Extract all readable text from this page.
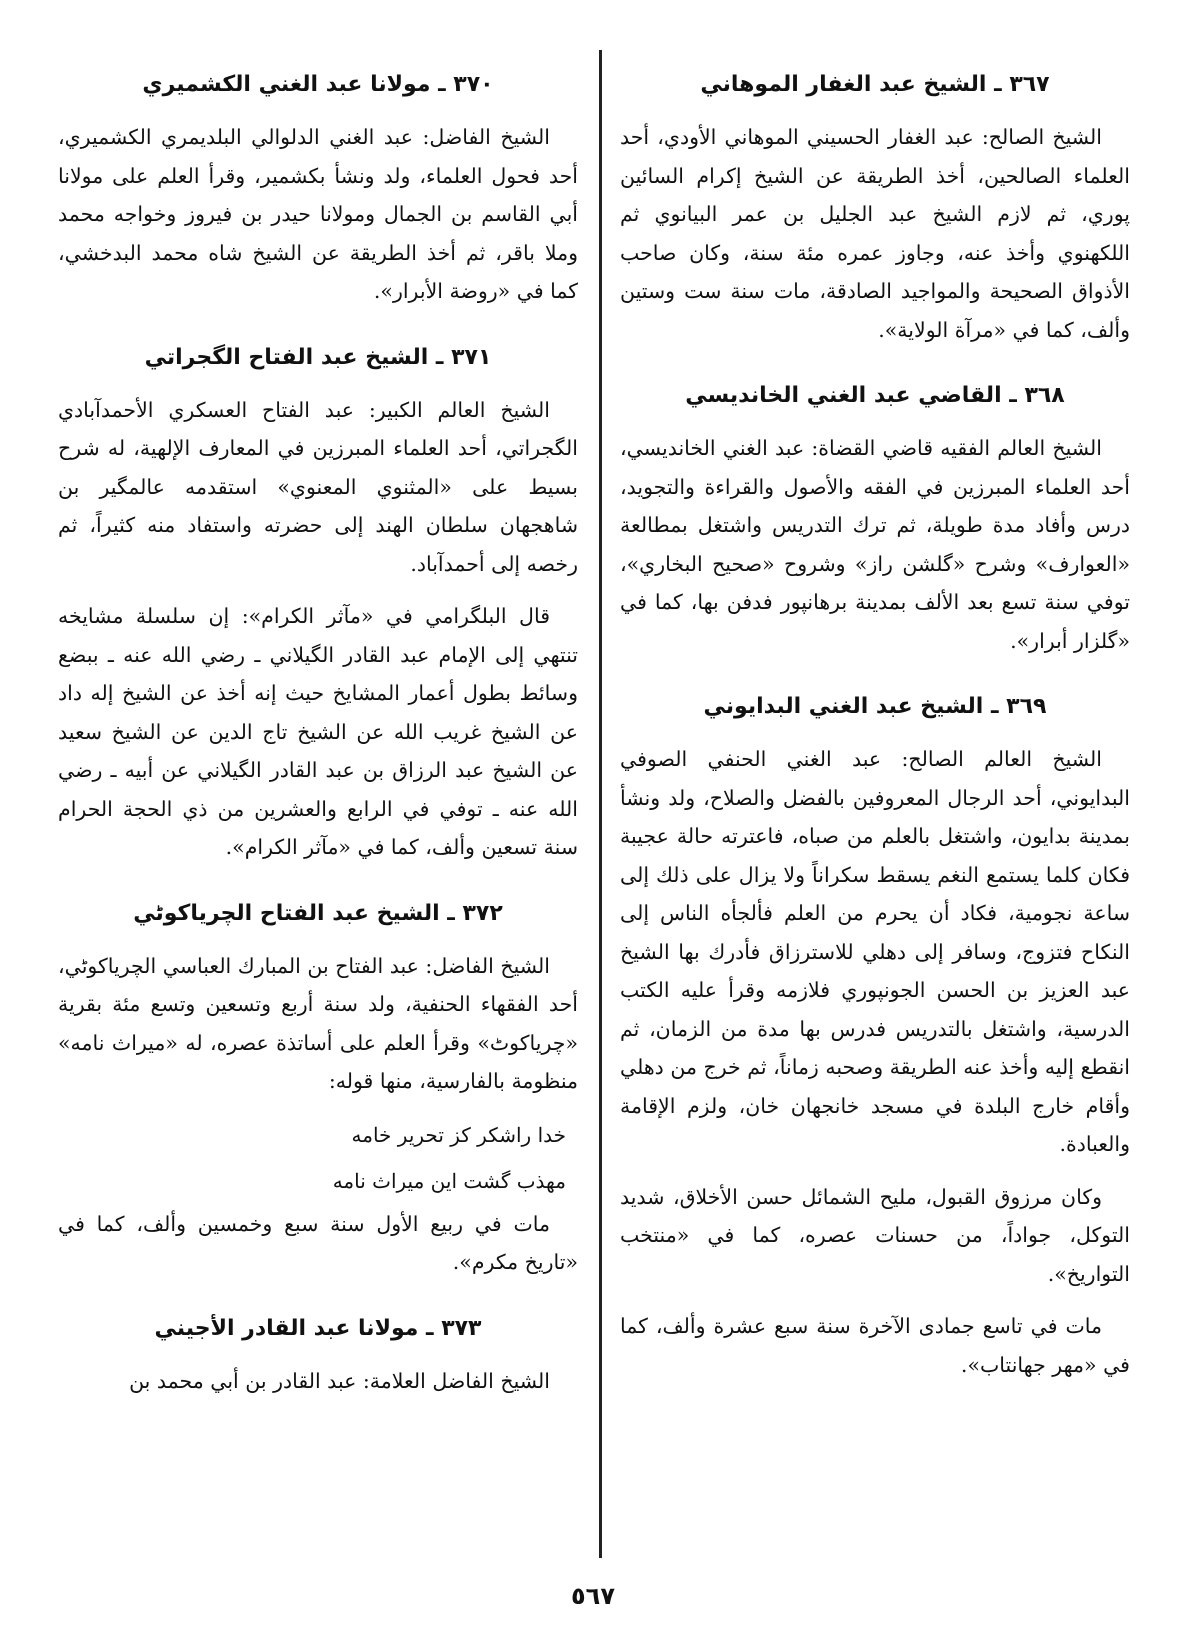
٣٦٧ ـ الشيخ عبد الغفار الموهاني

الشيخ الصالح: عبد الغفار الحسيني الموهاني الأودي، أحد العلماء الصالحين، أخذ الطريقة عن الشيخ إكرام السائين پوري، ثم لازم الشيخ عبد الجليل بن عمر البيانوي ثم اللكهنوي وأخذ عنه، وجاوز عمره مئة سنة، وكان صاحب الأذواق الصحيحة والمواجيد الصادقة، مات سنة ست وستين وألف، كما في «مرآة الولاية».

٣٦٨ ـ القاضي عبد الغني الخانديسي

الشيخ العالم الفقيه قاضي القضاة: عبد الغني الخانديسي، أحد العلماء المبرزين في الفقه والأصول والقراءة والتجويد، درس وأفاد مدة طويلة، ثم ترك التدريس واشتغل بمطالعة «العوارف» وشرح «گلشن راز» وشروح «صحيح البخاري»، توفي سنة تسع بعد الألف بمدينة برهانپور فدفن بها، كما في «گلزار أبرار».

٣٦٩ ـ الشيخ عبد الغني البدايوني

الشيخ العالم الصالح: عبد الغني الحنفي الصوفي البدايوني، أحد الرجال المعروفين بالفضل والصلاح، ولد ونشأ بمدينة بدايون، واشتغل بالعلم من صباه، فاعترته حالة عجيبة فكان كلما يستمع النغم يسقط سكراناً ولا يزال على ذلك إلى ساعة نجومية، فكاد أن يحرم من العلم فألجأه الناس إلى النكاح فتزوج، وسافر إلى دهلي للاسترزاق فأدرك بها الشيخ عبد العزيز بن الحسن الجونپوري فلازمه وقرأ عليه الكتب الدرسية، واشتغل بالتدريس فدرس بها مدة من الزمان، ثم انقطع إليه وأخذ عنه الطريقة وصحبه زماناً، ثم خرج من دهلي وأقام خارج البلدة في مسجد خانجهان خان، ولزم الإقامة والعبادة.

وكان مرزوق القبول، مليح الشمائل حسن الأخلاق، شديد التوكل، جواداً، من حسنات عصره، كما في «منتخب التواريخ».

مات في تاسع جمادى الآخرة سنة سبع عشرة وألف، كما في «مهر جهانتاب».

٣٧٠ ـ مولانا عبد الغني الكشميري

الشيخ الفاضل: عبد الغني الدلوالي البلديمري الكشميري، أحد فحول العلماء، ولد ونشأ بكشمير، وقرأ العلم على مولانا أبي القاسم بن الجمال ومولانا حيدر بن فيروز وخواجه محمد وملا باقر، ثم أخذ الطريقة عن الشيخ شاه محمد البدخشي، كما في «روضة الأبرار».

٣٧١ ـ الشيخ عبد الفتاح الگجراتي

الشيخ العالم الكبير: عبد الفتاح العسكري الأحمدآبادي الگجراتي، أحد العلماء المبرزين في المعارف الإلهية، له شرح بسيط على «المثنوي المعنوي» استقدمه عالمگير بن شاهجهان سلطان الهند إلى حضرته واستفاد منه كثيراً، ثم رخصه إلى أحمدآباد.

قال البلگرامي في «مآثر الكرام»: إن سلسلة مشايخه تنتهي إلى الإمام عبد القادر الگيلاني ـ رضي الله عنه ـ ببضع وسائط بطول أعمار المشايخ حيث إنه أخذ عن الشيخ إله داد عن الشيخ غريب الله عن الشيخ تاج الدين عن الشيخ سعيد عن الشيخ عبد الرزاق بن عبد القادر الگيلاني عن أبيه ـ رضي الله عنه ـ توفي في الرابع والعشرين من ذي الحجة الحرام سنة تسعين وألف، كما في «مآثر الكرام».

٣٧٢ ـ الشيخ عبد الفتاح الچرياكوٹي

الشيخ الفاضل: عبد الفتاح بن المبارك العباسي الچرياكوٹي، أحد الفقهاء الحنفية، ولد سنة أربع وتسعين وتسع مئة بقرية «چرياكوٹ» وقرأ العلم على أساتذة عصره، له «ميراث نامه» منظومة بالفارسية، منها قوله:

خدا راشكر كز تحرير خامه
مهذب گشت اين ميراث نامه

مات في ربيع الأول سنة سبع وخمسين وألف، كما في «تاريخ مكرم».

٣٧٣ ـ مولانا عبد القادر الأجيني

الشيخ الفاضل العلامة: عبد القادر بن أبي محمد بن

٥٦٧
